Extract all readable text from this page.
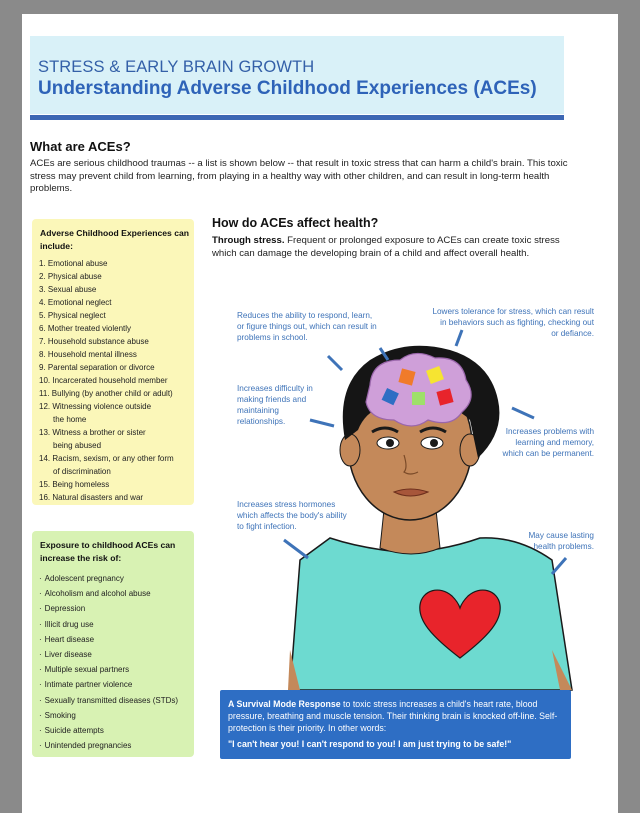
STRESS & EARLY BRAIN GROWTH
Understanding Adverse Childhood Experiences (ACEs)
What are ACEs?
ACEs are serious childhood traumas -- a list is shown below -- that result in toxic stress that can harm a child's brain. This toxic stress may prevent child from learning, from playing in a healthy way with other children, and can result in long-term health problems.
Adverse Childhood Experiences can include:
1. Emotional abuse
2. Physical abuse
3. Sexual abuse
4. Emotional neglect
5. Physical neglect
6. Mother treated violently
7. Household substance abuse
8. Household mental illness
9. Parental separation or divorce
10. Incarcerated household member
11. Bullying (by another child or adult)
12. Witnessing violence outside
the home
13. Witness a brother or sister
being abused
14. Racism, sexism, or any other form
of discrimination
15. Being homeless
16. Natural disasters and war
Exposure to childhood ACEs can increase the risk of:
· Adolescent pregnancy
· Alcoholism and alcohol abuse
· Depression
· Illicit drug use
· Heart disease
· Liver disease
· Multiple sexual partners
· Intimate partner violence
· Sexually transmitted diseases (STDs)
· Smoking
· Suicide attempts
· Unintended pregnancies
How do ACEs affect health?
Through stress. Frequent or prolonged exposure to ACEs can create toxic stress which can damage the developing brain of a child and affect overall health.
Reduces the ability to respond, learn, or figure things out, which can result in problems in school.
Lowers tolerance for stress, which can result in behaviors such as fighting, checking out or defiance.
Increases difficulty in making friends and maintaining relationships.
Increases problems with learning and memory, which can be permanent.
Increases stress hormones which affects the body's ability to fight infection.
May cause lasting health problems.
A Survival Mode Response to toxic stress increases a child's heart rate, blood pressure, breathing and muscle tension. Their thinking brain is knocked off-line. Self-protection is their priority. In other words:
"I can't hear you! I can't respond to you! I am just trying to be safe!"
